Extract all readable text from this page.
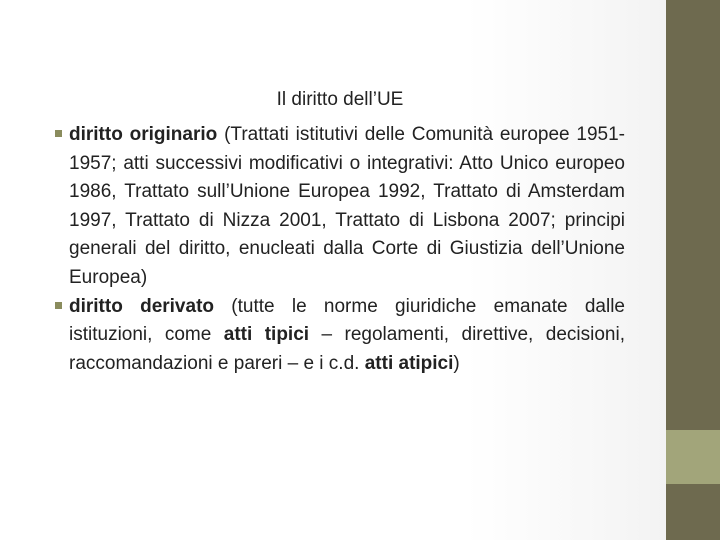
Il diritto dell’UE
diritto originario (Trattati istitutivi delle Comunità europee 1951-1957; atti successivi modificativi o integrativi: Atto Unico europeo 1986, Trattato sull’Unione Europea 1992, Trattato di Amsterdam 1997, Trattato di Nizza 2001, Trattato di Lisbona 2007; principi generali del diritto, enucleati dalla Corte di Giustizia dell’Unione Europea)
diritto derivato (tutte le norme giuridiche emanate dalle istituzioni, come atti tipici – regolamenti, direttive, decisioni, raccomandazioni e pareri – e i c.d. atti atipici)
